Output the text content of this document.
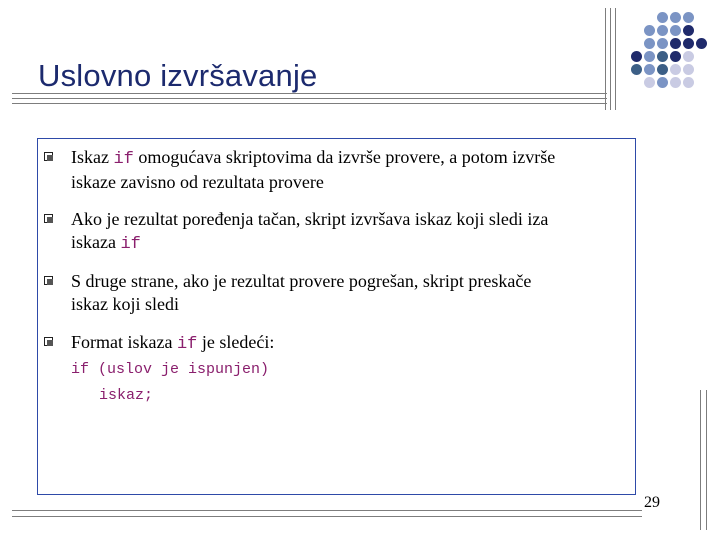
Uslovno izvršavanje
Iskaz if omogućava skriptovima da izvrše provere, a potom izvrše
iskaze zavisno od rezultata provere
Ako je rezultat poređenja tačan, skript izvršava iskaz koji sledi iza
iskaza if
S druge strane, ako je rezultat provere pogrešan, skript preskače
iskaz koji sledi
Format iskaza if je sledeći:
if (uslov je ispunjen)
iskaz;
29
